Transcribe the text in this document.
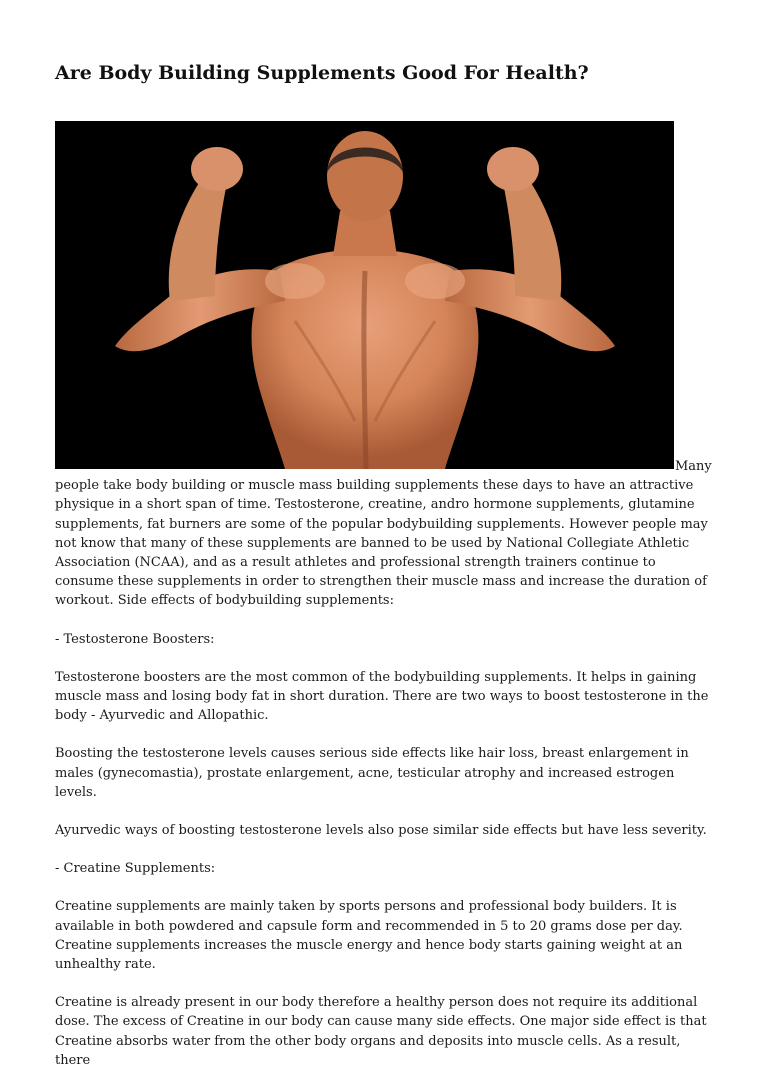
Are Body Building Supplements Good For Health?

Many people take body building or muscle mass building supplements these days to have an attractive physique in a short span of time. Testosterone, creatine, andro hormone supplements, glutamine supplements, fat burners are some of the popular bodybuilding supplements. However people may not know that many of these supplements are banned to be used by National Collegiate Athletic Association (NCAA), and as a result athletes and professional strength trainers continue to consume these supplements in order to strengthen their muscle mass and increase the duration of workout. Side effects of bodybuilding supplements:

- Testosterone Boosters:

Testosterone boosters are the most common of the bodybuilding supplements. It helps in gaining muscle mass and losing body fat in short duration. There are two ways to boost testosterone in the body - Ayurvedic and Allopathic.

Boosting the testosterone levels causes serious side effects like hair loss, breast enlargement in males (gynecomastia), prostate enlargement, acne, testicular atrophy and increased estrogen levels.

Ayurvedic ways of boosting testosterone levels also pose similar side effects but have less severity.

- Creatine Supplements:

Creatine supplements are mainly taken by sports persons and professional body builders. It is available in both powdered and capsule form and recommended in 5 to 20 grams dose per day. Creatine supplements increases the muscle energy and hence body starts gaining weight at an unhealthy rate.

Creatine is already present in our body therefore a healthy person does not require its additional dose. The excess of Creatine in our body can cause many side effects. One major side effect is that Creatine absorbs water from the other body organs and deposits into muscle cells. As a result, there
